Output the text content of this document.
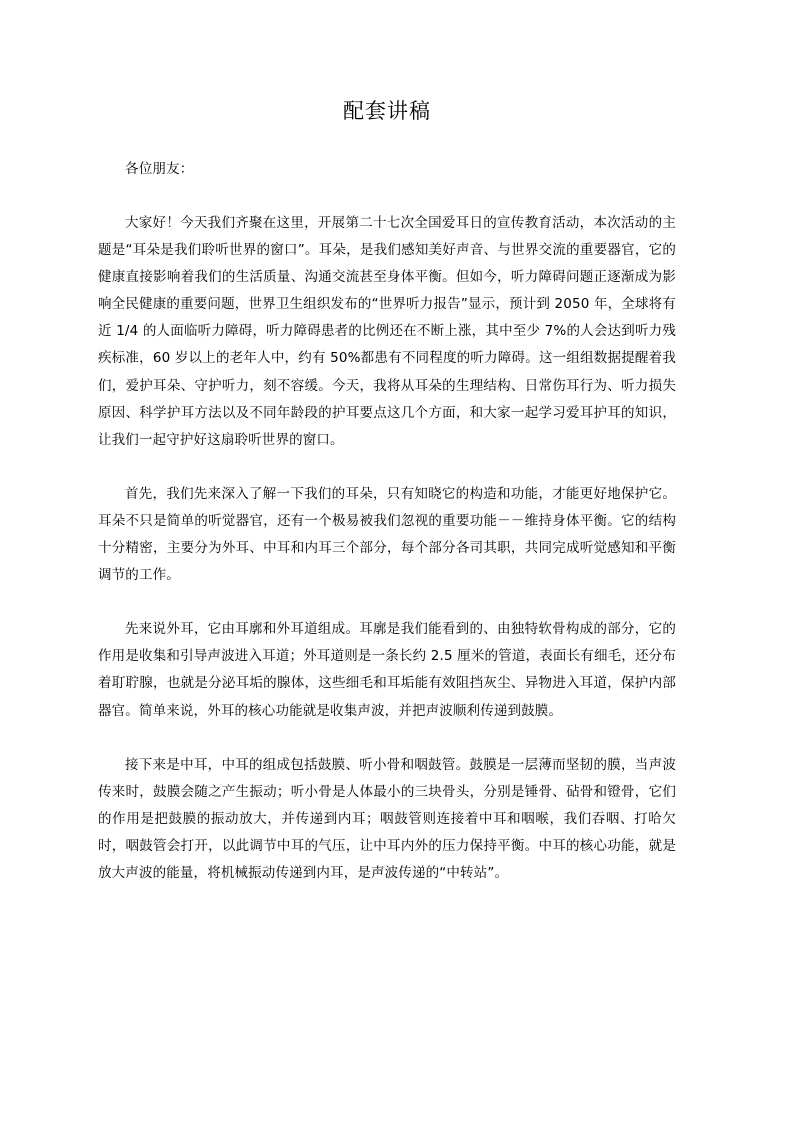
配套讲稿

各位朋友：

大家好！今天我们齐聚在这里，开展第二十七次全国爱耳日的宣传教育活动，本次活动的主题是“耳朵是我们聆听世界的窗口”。耳朵，是我们感知美好声音、与世界交流的重要器官，它的健康直接影响着我们的生活质量、沟通交流甚至身体平衡。但如今，听力障碍问题正逐渐成为影响全民健康的重要问题，世界卫生组织发布的“世界听力报告”显示，预计到 2050 年，全球将有近 1/4 的人面临听力障碍，听力障碍患者的比例还在不断上涨，其中至少 7%的人会达到听力残疾标准，60 岁以上的老年人中，约有 50%都患有不同程度的听力障碍。这一组组数据提醒着我们，爱护耳朵、守护听力，刻不容缓。今天，我将从耳朵的生理结构、日常伤耳行为、听力损失原因、科学护耳方法以及不同年龄段的护耳要点这几个方面，和大家一起学习爱耳护耳的知识，让我们一起守护好这扇聆听世界的窗口。

首先，我们先来深入了解一下我们的耳朵，只有知晓它的构造和功能，才能更好地保护它。耳朵不只是简单的听觉器官，还有一个极易被我们忽视的重要功能－－维持身体平衡。它的结构十分精密，主要分为外耳、中耳和内耳三个部分，每个部分各司其职，共同完成听觉感知和平衡调节的工作。

先来说外耳，它由耳廓和外耳道组成。耳廓是我们能看到的、由独特软骨构成的部分，它的作用是收集和引导声波进入耳道；外耳道则是一条长约 2.5 厘米的管道，表面长有细毛，还分布着耵聍腺，也就是分泌耳垢的腺体，这些细毛和耳垢能有效阻挡灰尘、异物进入耳道，保护内部器官。简单来说，外耳的核心功能就是收集声波，并把声波顺利传递到鼓膜。

接下来是中耳，中耳的组成包括鼓膜、听小骨和咽鼓管。鼓膜是一层薄而坚韧的膜，当声波传来时，鼓膜会随之产生振动；听小骨是人体最小的三块骨头，分别是锤骨、砧骨和镫骨，它们的作用是把鼓膜的振动放大，并传递到内耳；咽鼓管则连接着中耳和咽喉，我们吞咽、打哈欠时，咽鼓管会打开，以此调节中耳的气压，让中耳内外的压力保持平衡。中耳的核心功能，就是放大声波的能量，将机械振动传递到内耳，是声波传递的“中转站”。
